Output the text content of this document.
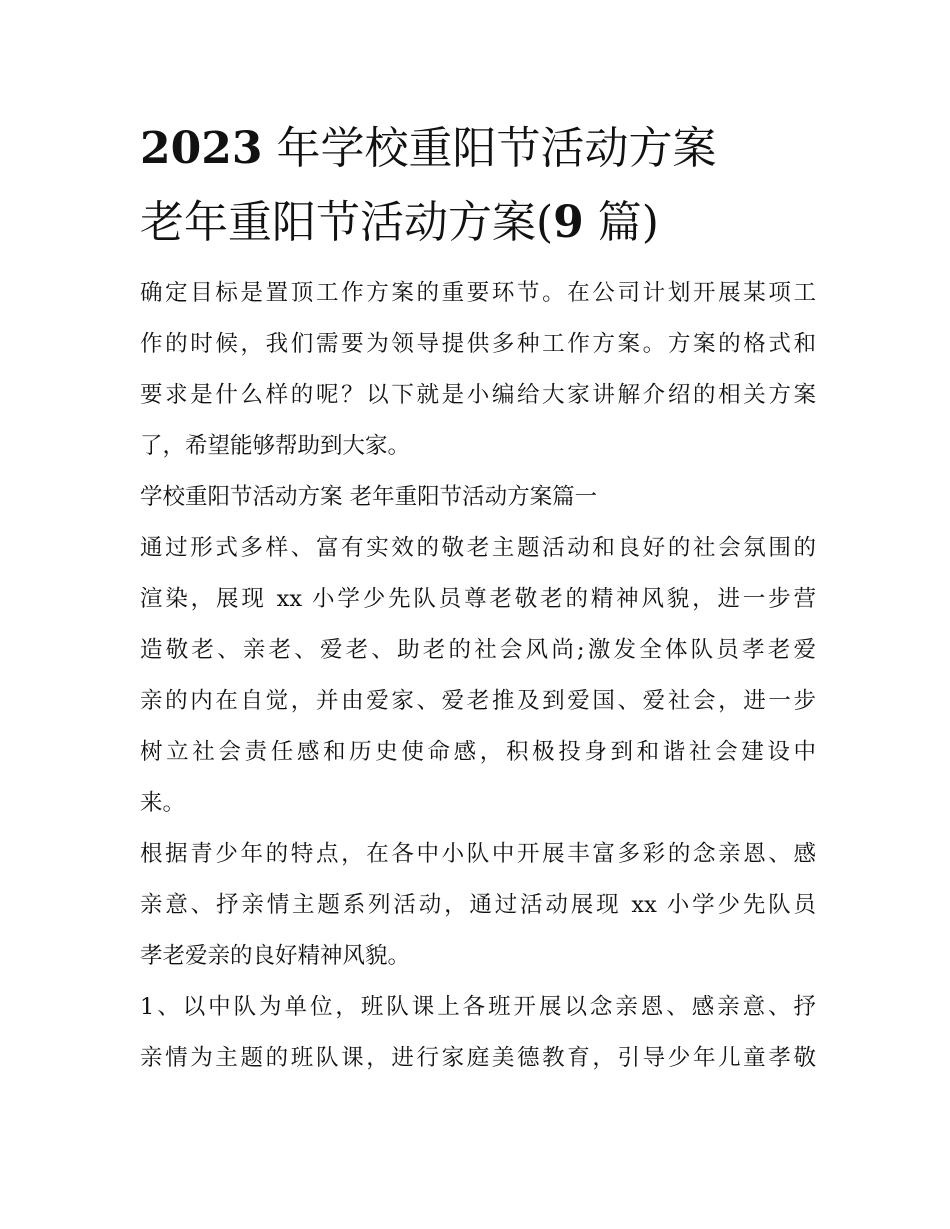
2023 年学校重阳节活动方案
老年重阳节活动方案(9 篇)
确定目标是置顶工作方案的重要环节。在公司计划开展某项工
作的时候，我们需要为领导提供多种工作方案。方案的格式和
要求是什么样的呢？以下就是小编给大家讲解介绍的相关方案
了，希望能够帮助到大家。
学校重阳节活动方案 老年重阳节活动方案篇一
通过形式多样、富有实效的敬老主题活动和良好的社会氛围的
渲染，展现 xx 小学少先队员尊老敬老的精神风貌，进一步营
造敬老、亲老、爱老、助老的社会风尚;激发全体队员孝老爱
亲的内在自觉，并由爱家、爱老推及到爱国、爱社会，进一步
树立社会责任感和历史使命感，积极投身到和谐社会建设中
来。
根据青少年的特点，在各中小队中开展丰富多彩的念亲恩、感
亲意、抒亲情主题系列活动，通过活动展现 xx 小学少先队员
孝老爱亲的良好精神风貌。
1、以中队为单位，班队课上各班开展以念亲恩、感亲意、抒
亲情为主题的班队课，进行家庭美德教育，引导少年儿童孝敬
